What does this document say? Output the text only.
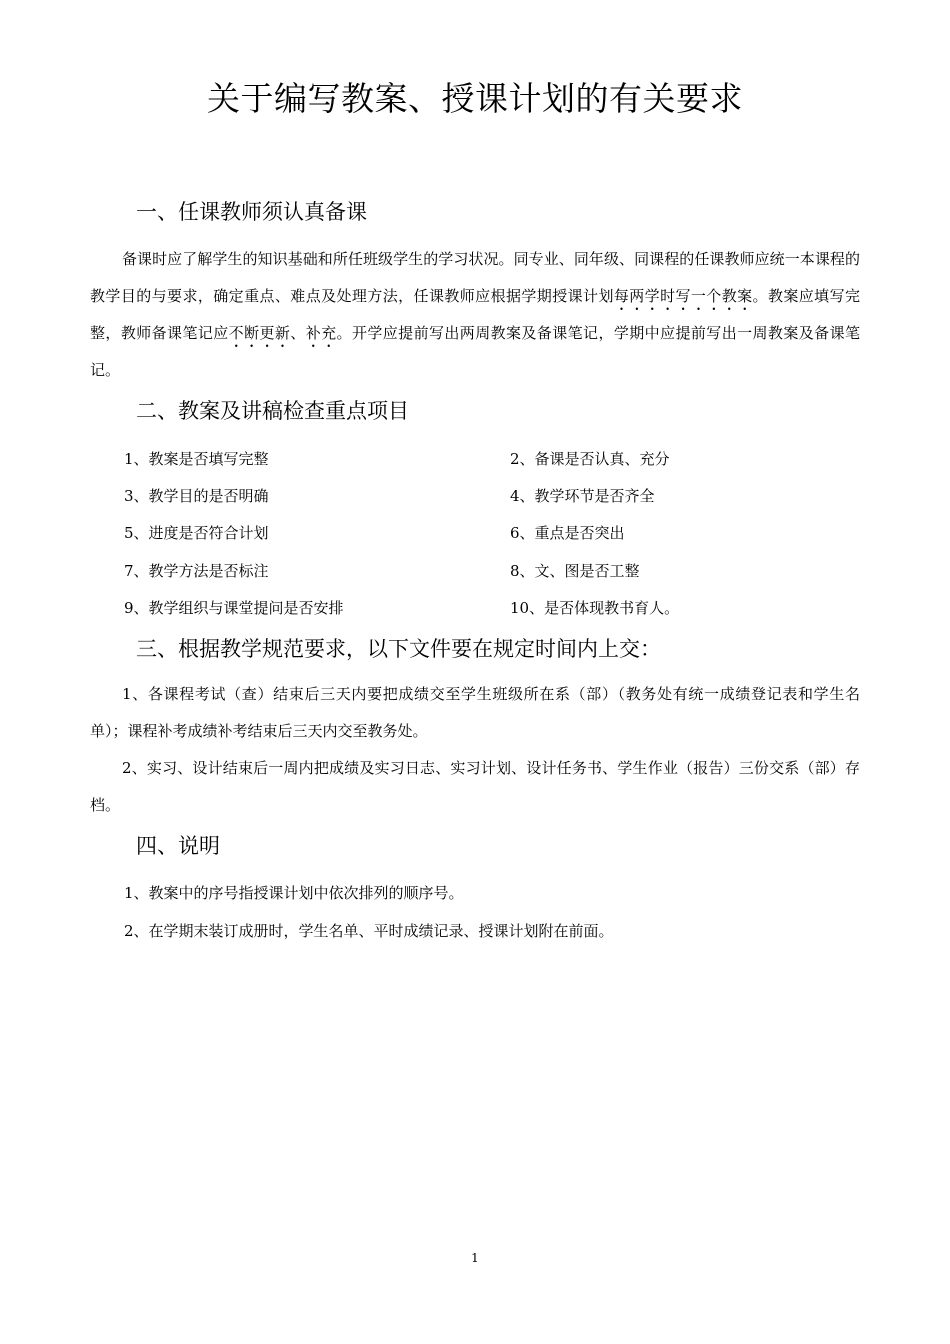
关于编写教案、授课计划的有关要求
一、任课教师须认真备课

备课时应了解学生的知识基础和所任班级学生的学习状况。同专业、同年级、同课程的任课教师应统一本课程的教学目的与要求，确定重点、难点及处理方法，任课教师应根据学期授课计划每两学时写一个教案。教案应填写完整，教师备课笔记应不断更新、补充。开学应提前写出两周教案及备课笔记，学期中应提前写出一周教案及备课笔记。

二、教案及讲稿检查重点项目
1、教案是否填写完整	2、备课是否认真、充分
3、教学目的是否明确	4、教学环节是否齐全
5、进度是否符合计划	6、重点是否突出
7、教学方法是否标注	8、文、图是否工整
9、教学组织与课堂提问是否安排	10、是否体现教书育人。
三、根据教学规范要求，以下文件要在规定时间内上交：

1、各课程考试（查）结束后三天内要把成绩交至学生班级所在系（部）（教务处有统一成绩登记表和学生名单）；课程补考成绩补考结束后三天内交至教务处。

2、实习、设计结束后一周内把成绩及实习日志、实习计划、设计任务书、学生作业（报告）三份交系（部）存档。

四、说明
1、教案中的序号指授课计划中依次排列的顺序号。
2、在学期末装订成册时，学生名单、平时成绩记录、授课计划附在前面。
1
